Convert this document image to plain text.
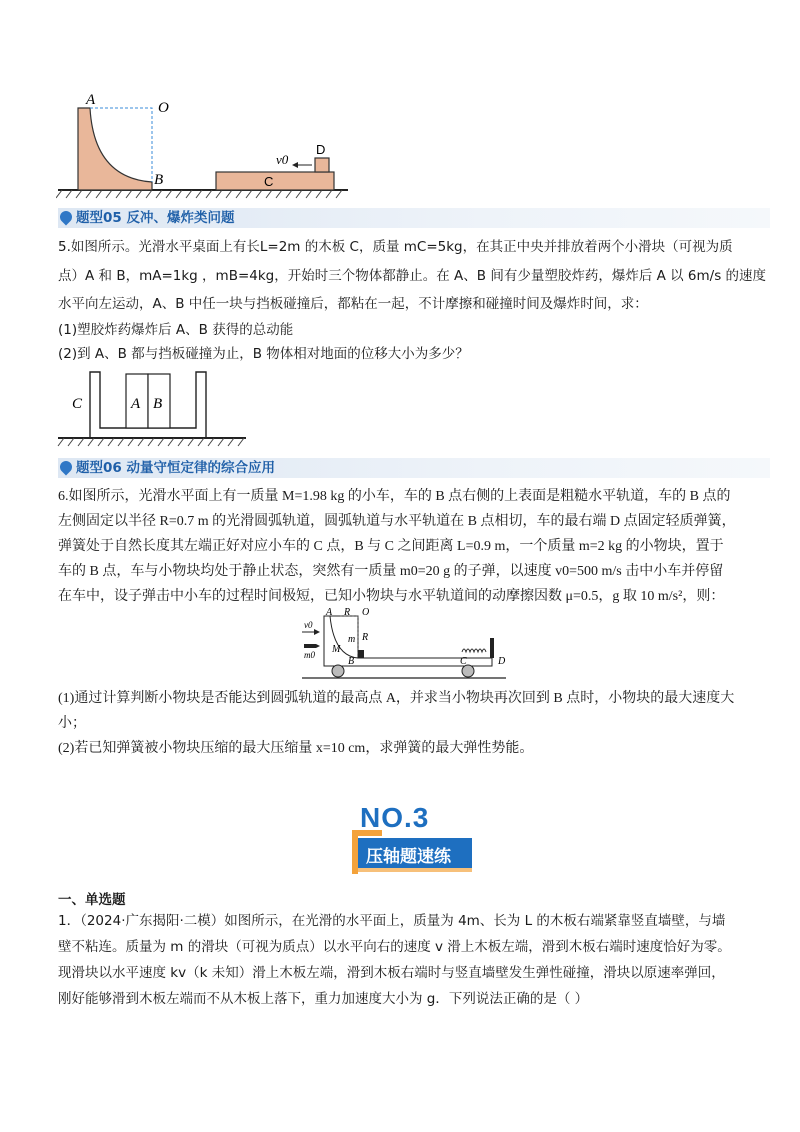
A	O
B
v0
D
C
题型05 反冲、爆炸类问题
5.如图所示。光滑水平桌面上有长L=2m 的木板 C，质量 mC=5kg，在其正中央并排放着两个小滑块（可视为质
点）A 和 B，mA=1kg ，mB=4kg，开始时三个物体都静止。在 A、B 间有少量塑胶炸药，爆炸后 A 以 6m/s 的速度
水平向左运动，A、B 中任一块与挡板碰撞后，都粘在一起，不计摩擦和碰撞时间及爆炸时间，求：
(1)塑胶炸药爆炸后 A、B 获得的总动能
(2)到 A、B 都与挡板碰撞为止，B 物体相对地面的位移大小为多少？
C	A B
题型06 动量守恒定律的综合应用
6.如图所示，光滑水平面上有一质量 M=1.98 kg 的小车，车的 B 点右侧的上表面是粗糙水平轨道，车的 B 点的
左侧固定以半径 R=0.7 m 的光滑圆弧轨道，圆弧轨道与水平轨道在 B 点相切，车的最右端 D 点固定轻质弹簧，
弹簧处于自然长度其左端正好对应小车的 C 点，B 与 C 之间距离 L=0.9 m，一个质量 m=2 kg 的小物块，置于
车的 B 点，车与小物块均处于静止状态，突然有一质量 m0=20 g 的子弹，以速度 v0=500 m/s 击中小车并停留
在车中，设子弹击中小车的过程时间极短，已知小物块与水平轨道间的动摩擦因数 μ=0.5，g 取 10 m/s²，则：
A R O
v0
m R
M
m0
B	C	D
(1)通过计算判断小物块是否能达到圆弧轨道的最高点 A，并求当小物块再次回到 B 点时，小物块的最大速度大
小；
(2)若已知弹簧被小物块压缩的最大压缩量 x=10 cm，求弹簧的最大弹性势能。
NO.3
压轴题速练
一、单选题
1．（2024·广东揭阳·二模）如图所示，在光滑的水平面上，质量为 4m、长为 L 的木板右端紧靠竖直墙壁，与墙
壁不粘连。质量为 m 的滑块（可视为质点）以水平向右的速度 v 滑上木板左端，滑到木板右端时速度恰好为零。
现滑块以水平速度 kv（k 未知）滑上木板左端，滑到木板右端时与竖直墙壁发生弹性碰撞，滑块以原速率弹回，
刚好能够滑到木板左端而不从木板上落下，重力加速度大小为 g．下列说法正确的是（ ）
